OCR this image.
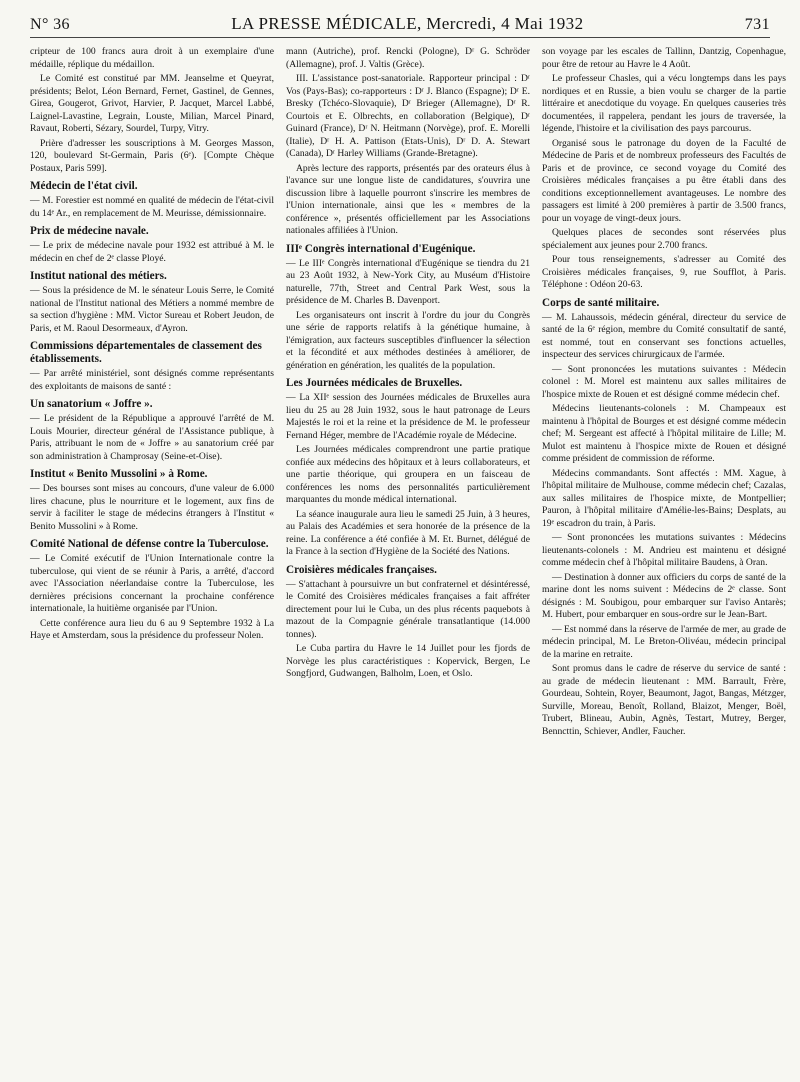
N° 36	LA PRESSE MÉDICALE, Mercredi, 4 Mai 1932	731

cripteur de 100 francs aura droit à un exemplaire d'une médaille, réplique du médaillon.

Le Comité est constitué par MM. Jeanselme et Queyrat, présidents; Belot, Léon Bernard, Fernet, Gastinel, de Gennes, Girea, Gougerot, Grivot, Harvier, P. Jacquet, Marcel Labbé, Laignel-Lavastine, Legrain, Louste, Milian, Marcel Pinard, Ravaut, Roberti, Sézary, Sourdel, Turpy, Vitry.

Prière d'adresser les souscriptions à M. Georges Masson, 120, boulevard St-Germain, Paris (6ᵉ). [Compte Chèque Postaux, Paris 599].

Médecin de l'état civil.

— M. Forestier est nommé en qualité de médecin de l'état-civil du 14ᵉ Ar., en remplacement de M. Meurisse, démissionnaire.

Prix de médecine navale.

— Le prix de médecine navale pour 1932 est attribué à M. le médecin en chef de 2ᵉ classe Ployé.

Institut national des métiers.

— Sous la présidence de M. le sénateur Louis Serre, le Comité national de l'Institut national des Métiers a nommé membre de sa section d'hygiène : MM. Victor Sureau et Robert Jeudon, de Paris, et M. Raoul Desormeaux, d'Ayron.

Commissions départementales de classement des établissements.

— Par arrêté ministériel, sont désignés comme représentants des exploitants de maisons de santé :

Un sanatorium « Joffre ».

— Le président de la République a approuvé l'arrêté de M. Louis Mourier, directeur général de l'Assistance publique, à Paris, attribuant le nom de « Joffre » au sanatorium créé par son administration à Champrosay (Seine-et-Oise).

Institut « Benito Mussolini » à Rome.

— Des bourses sont mises au concours, d'une valeur de 6.000 lires chacune, plus le nourriture et le logement, aux fins de servir à faciliter le stage de médecins étrangers à l'Institut « Benito Mussolini » à Rome.

Comité National de défense contre la Tuberculose.

— Le Comité exécutif de l'Union Internationale contre la tuberculose, qui vient de se réunir à Paris, a arrêté, d'accord avec l'Association néerlandaise contre la Tuberculose, les dernières précisions concernant la prochaine conférence internationale, la huitième organisée par l'Union.

Cette conférence aura lieu du 6 au 9 Septembre 1932 à La Haye et Amsterdam, sous la présidence du professeur Nolen.

mann (Autriche), prof. Rencki (Pologne), Dʳ G. Schröder (Allemagne), prof. J. Valtis (Grèce).

III. L'assistance post-sanatoriale. Rapporteur principal : Dʳ Vos (Pays-Bas); co-rapporteurs : Dʳ J. Blanco (Espagne); Dʳ E. Bresky (Tchéco-Slovaquie), Dʳ Brieger (Allemagne), Dʳ R. Courtois et E. Olbrechts, en collaboration (Belgique), Dʳ Guinard (France), Dʳ N. Heitmann (Norvège), prof. E. Morelli (Italie), Dʳ H. A. Pattison (Etats-Unis), Dʳ D. A. Stewart (Canada), Dʳ Harley Williams (Grande-Bretagne).

Après lecture des rapports, présentés par des orateurs élus à l'avance sur une longue liste de candidatures, s'ouvrira une discussion libre à laquelle pourront s'inscrire les membres de l'Union internationale, ainsi que les « membres de la conférence », présentés officiellement par les Associations nationales affiliées à l'Union.

IIIᵉ Congrès international d'Eugénique.

— Le IIIᵉ Congrès international d'Eugénique se tiendra du 21 au 23 Août 1932, à New-York City, au Muséum d'Histoire naturelle, 77th, Street and Central Park West, sous la présidence de M. Charles B. Davenport.

Les organisateurs ont inscrit à l'ordre du jour du Congrès une série de rapports relatifs à la génétique humaine, à l'émigration, aux facteurs susceptibles d'influencer la sélection et la fécondité et aux méthodes destinées à améliorer, de génération en génération, les qualités de la population.

Les Journées médicales de Bruxelles.

— La XIIᵉ session des Journées médicales de Bruxelles aura lieu du 25 au 28 Juin 1932, sous le haut patronage de Leurs Majestés le roi et la reine et la présidence de M. le professeur Fernand Héger, membre de l'Académie royale de Médecine.

Les Journées médicales comprendront une partie pratique confiée aux médecins des hôpitaux et à leurs collaborateurs, et une partie théorique, qui groupera en un faisceau de conférences les noms des personnalités particulièrement marquantes du monde médical international.

La séance inaugurale aura lieu le samedi 25 Juin, à 3 heures, au Palais des Académies et sera honorée de la présence de la reine. La conférence a été confiée à M. Et. Burnet, délégué de la France à la section d'Hygiène de la Société des Nations.

Croisières médicales françaises.

— S'attachant à poursuivre un but confraternel et désintéressé, le Comité des Croisières médicales françaises a fait affréter directement pour lui le Cuba, un des plus récents paquebots à mazout de la Compagnie générale transatlantique (14.000 tonnes).

Le Cuba partira du Havre le 14 Juillet pour les fjords de Norvège les plus caractéristiques : Kopervick, Bergen, Le Songfjord, Gudwangen, Balholm, Loen, et Oslo.

son voyage par les escales de Tallinn, Dantzig, Copenhague, pour être de retour au Havre le 4 Août.

Le professeur Chasles, qui a vécu longtemps dans les pays nordiques et en Russie, a bien voulu se charger de la partie littéraire et anecdotique du voyage. En quelques causeries très documentées, il rappelera, pendant les jours de traversée, la légende, l'histoire et la civilisation des pays parcourus.

Organisé sous le patronage du doyen de la Faculté de Médecine de Paris et de nombreux professeurs des Facultés de Paris et de province, ce second voyage du Comité des Croisières médicales françaises a pu être établi dans des conditions exceptionnellement avantageuses. Le nombre des passagers est limité à 200 premières à partir de 3.500 francs, pour un voyage de vingt-deux jours.

Quelques places de secondes sont réservées plus spécialement aux jeunes pour 2.700 francs.

Pour tous renseignements, s'adresser au Comité des Croisières médicales françaises, 9, rue Soufflot, à Paris. Téléphone : Odéon 20-63.

Corps de santé militaire.

— M. Lahaussois, médecin général, directeur du service de santé de la 6ᵉ région, membre du Comité consultatif de santé, est nommé, tout en conservant ses fonctions actuelles, inspecteur des services chirurgicaux de l'armée.

— Sont prononcées les mutations suivantes : Médecin colonel : M. Morel est maintenu aux salles militaires de l'hospice mixte de Rouen et est désigné comme médecin chef.

Médecins lieutenants-colonels : M. Champeaux est maintenu à l'hôpital de Bourges et est désigné comme médecin chef; M. Sergeant est affecté à l'hôpital militaire de Lille; M. Mulot est maintenu à l'hospice mixte de Rouen et désigné comme président de commission de réforme.

Médecins commandants. Sont affectés : MM. Xague, à l'hôpital militaire de Mulhouse, comme médecin chef; Cazalas, aux salles militaires de l'hospice mixte, de Montpellier; Pauron, à l'hôpital militaire d'Amélie-les-Bains; Desplats, au 19ᵉ escadron du train, à Paris.

— Sont prononcées les mutations suivantes : Médecins lieutenants-colonels : M. Andrieu est maintenu et désigné comme médecin chef à l'hôpital militaire Baudens, à Oran.

— Destination à donner aux officiers du corps de santé de la marine dont les noms suivent : Médecins de 2ᵉ classe. Sont désignés : M. Soubigou, pour embarquer sur l'aviso Antarès; M. Hubert, pour embarquer en sous-ordre sur le Jean-Bart.

— Est nommé dans la réserve de l'armée de mer, au grade de médecin principal, M. Le Breton-Olivéau, médecin principal de la marine en retraite.

Sont promus dans le cadre de réserve du service de santé : au grade de médecin lieutenant : MM. Barrault, Frère, Gourdeau, Sohtein, Royer, Beaumont, Jagot, Bangas, Métzger, Surville, Moreau, Benoît, Rolland, Blaizot, Menger, Boël, Trubert, Blineau, Aubin, Agnès, Testart, Mutrey, Berger, Benncttin, Schiever, Andler, Faucher.
